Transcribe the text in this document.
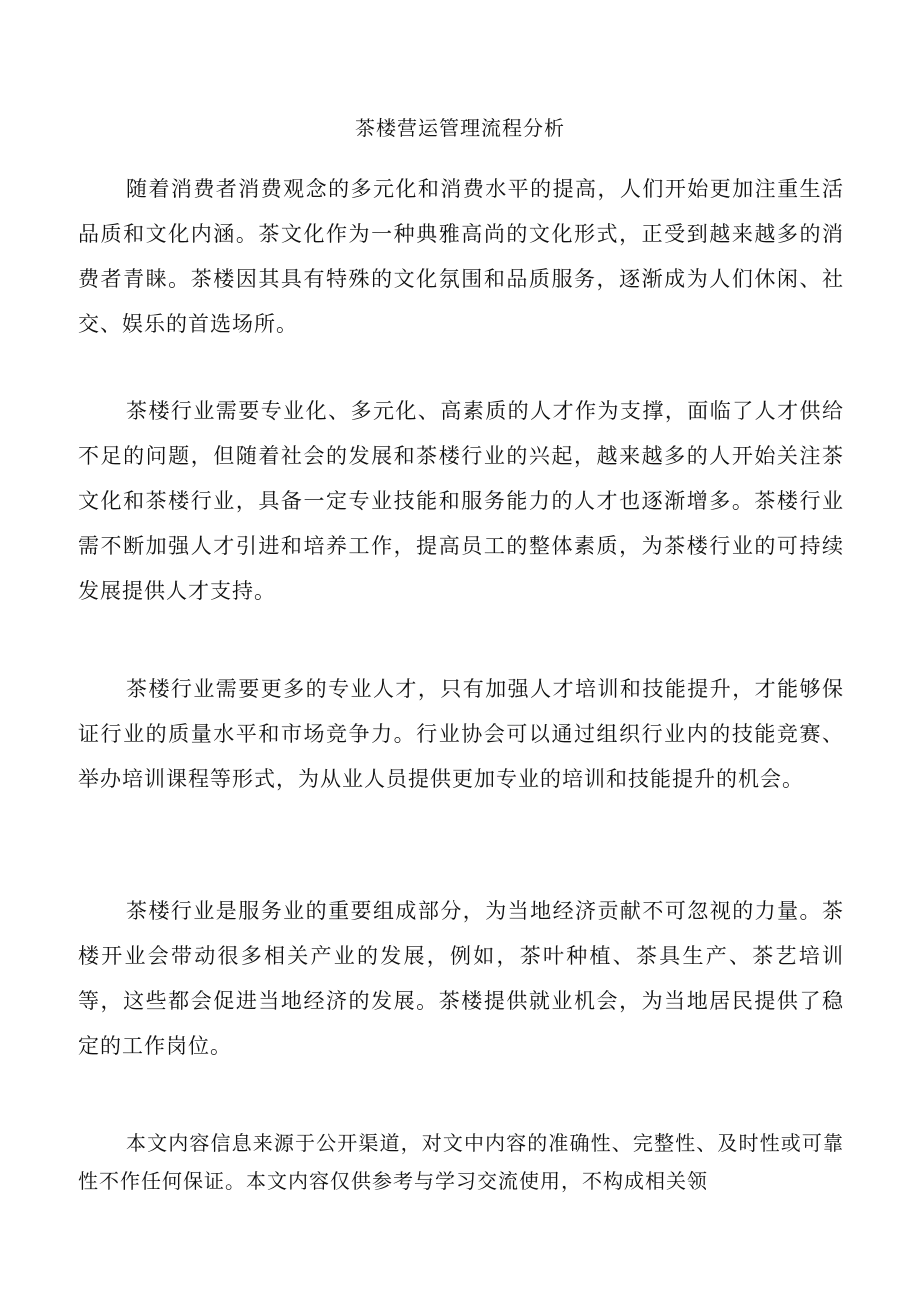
茶楼营运管理流程分析

随着消费者消费观念的多元化和消费水平的提高，人们开始更加注重生活品质和文化内涵。茶文化作为一种典雅高尚的文化形式，正受到越来越多的消费者青睐。茶楼因其具有特殊的文化氛围和品质服务，逐渐成为人们休闲、社交、娱乐的首选场所。

茶楼行业需要专业化、多元化、高素质的人才作为支撑，面临了人才供给不足的问题，但随着社会的发展和茶楼行业的兴起，越来越多的人开始关注茶文化和茶楼行业，具备一定专业技能和服务能力的人才也逐渐增多。茶楼行业需不断加强人才引进和培养工作，提高员工的整体素质，为茶楼行业的可持续发展提供人才支持。

茶楼行业需要更多的专业人才，只有加强人才培训和技能提升，才能够保证行业的质量水平和市场竞争力。行业协会可以通过组织行业内的技能竞赛、举办培训课程等形式，为从业人员提供更加专业的培训和技能提升的机会。

茶楼行业是服务业的重要组成部分，为当地经济贡献不可忽视的力量。茶楼开业会带动很多相关产业的发展，例如，茶叶种植、茶具生产、茶艺培训等，这些都会促进当地经济的发展。茶楼提供就业机会，为当地居民提供了稳定的工作岗位。

本文内容信息来源于公开渠道，对文中内容的准确性、完整性、及时性或可靠性不作任何保证。本文内容仅供参考与学习交流使用，不构成相关领
